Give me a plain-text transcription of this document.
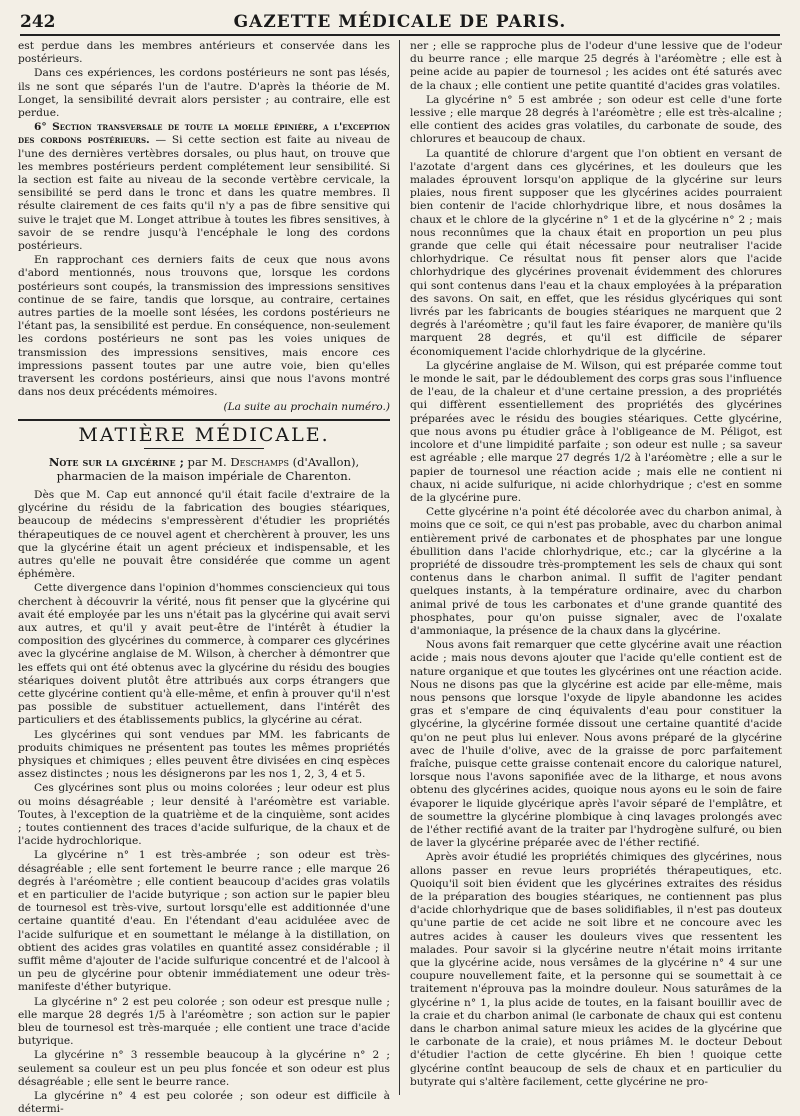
242	GAZETTE MÉDICALE DE PARIS.

est perdue dans les membres antérieurs et conservée dans les postérieurs.

Dans ces expériences, les cordons postérieurs ne sont pas lésés, ils ne sont que séparés l'un de l'autre. D'après la théorie de M. Longet, la sensibilité devrait alors persister ; au contraire, elle est perdue.

6° Section transversale de toute la moelle épinière, a l'exception des cordons postérieurs. — Si cette section est faite au niveau de l'une des dernières vertèbres dorsales, ou plus haut, on trouve que les membres postérieurs perdent complétement leur sensibilité. Si la section est faite au niveau de la seconde vertèbre cervicale, la sensibilité se perd dans le tronc et dans les quatre membres. Il résulte clairement de ces faits qu'il n'y a pas de fibre sensitive qui suive le trajet que M. Longet attribue à toutes les fibres sensitives, à savoir de se rendre jusqu'à l'encéphale le long des cordons postérieurs.

En rapprochant ces derniers faits de ceux que nous avons d'abord mentionnés, nous trouvons que, lorsque les cordons postérieurs sont coupés, la transmission des impressions sensitives continue de se faire, tandis que lorsque, au contraire, certaines autres parties de la moelle sont lésées, les cordons postérieurs ne l'étant pas, la sensibilité est perdue. En conséquence, non-seulement les cordons postérieurs ne sont pas les voies uniques de transmission des impressions sensitives, mais encore ces impressions passent toutes par une autre voie, bien qu'elles traversent les cordons postérieurs, ainsi que nous l'avons montré dans nos deux précédents mémoires.

(La suite au prochain numéro.)
MATIÈRE MÉDICALE.
Note sur la glycérine ; par M. Deschamps (d'Avallon), pharmacien de la maison impériale de Charenton.

Dès que M. Cap eut annoncé qu'il était facile d'extraire de la glycérine du résidu de la fabrication des bougies stéariques, beaucoup de médecins s'empressèrent d'étudier les propriétés thérapeutiques de ce nouvel agent et cherchèrent à prouver, les uns que la glycérine était un agent précieux et indispensable, et les autres qu'elle ne pouvait être considérée que comme un agent éphémère.

Cette divergence dans l'opinion d'hommes consciencieux qui tous cherchent à découvrir la vérité, nous fit penser que la glycérine qui avait été employée par les uns n'était pas la glycérine qui avait servi aux autres, et qu'il y avait peut-être de l'intérêt à étudier la composition des glycérines du commerce, à comparer ces glycérines avec la glycérine anglaise de M. Wilson, à chercher à démontrer que les effets qui ont été obtenus avec la glycérine du résidu des bougies stéariques doivent plutôt être attribués aux corps étrangers que cette glycérine contient qu'à elle-même, et enfin à prouver qu'il n'est pas possible de substituer actuellement, dans l'intérêt des particuliers et des établissements publics, la glycérine au cérat.

Les glycérines qui sont vendues par MM. les fabricants de produits chimiques ne présentent pas toutes les mêmes propriétés physiques et chimiques ; elles peuvent être divisées en cinq espèces assez distinctes ; nous les désignerons par les nos 1, 2, 3, 4 et 5.

Ces glycérines sont plus ou moins colorées ; leur odeur est plus ou moins désagréable ; leur densité à l'aréomètre est variable. Toutes, à l'exception de la quatrième et de la cinquième, sont acides ; toutes contiennent des traces d'acide sulfurique, de la chaux et de l'acide hydrochlorique.

La glycérine n° 1 est très-ambrée ; son odeur est très-désagréable ; elle sent fortement le beurre rance ; elle marque 26 degrés à l'aréomètre ; elle contient beaucoup d'acides gras volatils et en particulier de l'acide butyrique ; son action sur le papier bleu de tournesol est très-vive, surtout lorsqu'elle est additionnée d'une certaine quantité d'eau. En l'étendant d'eau aciduléee avec de l'acide sulfurique et en soumettant le mélange à la distillation, on obtient des acides gras volatiles en quantité assez considérable ; il suffit même d'ajouter de l'acide sulfurique concentré et de l'alcool à un peu de glycérine pour obtenir immédiatement une odeur très-manifeste d'éther butyrique.

La glycérine n° 2 est peu colorée ; son odeur est presque nulle ; elle marque 28 degrés 1/5 à l'aréomètre ; son action sur le papier bleu de tournesol est très-marquée ; elle contient une trace d'acide butyrique.

La glycérine n° 3 ressemble beaucoup à la glycérine n° 2 ; seulement sa couleur est un peu plus foncée et son odeur est plus désagréable ; elle sent le beurre rance.

La glycérine n° 4 est peu colorée ; son odeur est difficile à détermi-

ner ; elle se rapproche plus de l'odeur d'une lessive que de l'odeur du beurre rance ; elle marque 25 degrés à l'aréomètre ; elle est à peine acide au papier de tournesol ; les acides ont été saturés avec de la chaux ; elle contient une petite quantité d'acides gras volatiles.

La glycérine n° 5 est ambrée ; son odeur est celle d'une forte lessive ; elle marque 28 degrés à l'aréomètre ; elle est très-alcaline ; elle contient des acides gras volatiles, du carbonate de soude, des chlorures et beaucoup de chaux.

La quantité de chlorure d'argent que l'on obtient en versant de l'azotate d'argent dans ces glycérines, et les douleurs que les malades éprouvent lorsqu'on applique de la glycérine sur leurs plaies, nous firent supposer que les glycérines acides pourraient bien contenir de l'acide chlorhydrique libre, et nous dosâmes la chaux et le chlore de la glycérine n° 1 et de la glycérine n° 2 ; mais nous reconnûmes que la chaux était en proportion un peu plus grande que celle qui était nécessaire pour neutraliser l'acide chlorhydrique. Ce résultat nous fit penser alors que l'acide chlorhydrique des glycérines provenait évidemment des chlorures qui sont contenus dans l'eau et la chaux employées à la préparation des savons. On sait, en effet, que les résidus glycériques qui sont livrés par les fabricants de bougies stéariques ne marquent que 2 degrés à l'aréomètre ; qu'il faut les faire évaporer, de manière qu'ils marquent 28 degrés, et qu'il est difficile de séparer économiquement l'acide chlorhydrique de la glycérine.

La glycérine anglaise de M. Wilson, qui est préparée comme tout le monde le sait, par le dédoublement des corps gras sous l'influence de l'eau, de la chaleur et d'une certaine pression, a des propriétés qui diffèrent essentiellement des propriétés des glycérines préparées avec le résidu des bougies stéariques. Cette glycérine, que nous avons pu étudier grâce à l'obligeance de M. Péligot, est incolore et d'une limpidité parfaite ; son odeur est nulle ; sa saveur est agréable ; elle marque 27 degrés 1/2 à l'aréomètre ; elle a sur le papier de tournesol une réaction acide ; mais elle ne contient ni chaux, ni acide sulfurique, ni acide chlorhydrique ; c'est en somme de la glycérine pure.

Cette glycérine n'a point été décolorée avec du charbon animal, à moins que ce soit, ce qui n'est pas probable, avec du charbon animal entièrement privé de carbonates et de phosphates par une longue ébullition dans l'acide chlorhydrique, etc.; car la glycérine a la propriété de dissoudre très-promptement les sels de chaux qui sont contenus dans le charbon animal. Il suffit de l'agiter pendant quelques instants, à la température ordinaire, avec du charbon animal privé de tous les carbonates et d'une grande quantité des phosphates, pour qu'on puisse signaler, avec de l'oxalate d'ammoniaque, la présence de la chaux dans la glycérine.

Nous avons fait remarquer que cette glycérine avait une réaction acide ; mais nous devons ajouter que l'acide qu'elle contient est de nature organique et que toutes les glycérines ont une réaction acide. Nous ne disons pas que la glycérine est acide par elle-même, mais nous pensons que lorsque l'oxyde de lipyle abandonne les acides gras et s'empare de cinq équivalents d'eau pour constituer la glycérine, la glycérine formée dissout une certaine quantité d'acide qu'on ne peut plus lui enlever. Nous avons préparé de la glycérine avec de l'huile d'olive, avec de la graisse de porc parfaitement fraîche, puisque cette graisse contenait encore du calorique naturel, lorsque nous l'avons saponifiée avec de la litharge, et nous avons obtenu des glycérines acides, quoique nous ayons eu le soin de faire évaporer le liquide glycérique après l'avoir séparé de l'emplâtre, et de soumettre la glycérine plombique à cinq lavages prolongés avec de l'éther rectifié avant de la traiter par l'hydrogène sulfuré, ou bien de laver la glycérine préparée avec de l'éther rectifié.

Après avoir étudié les propriétés chimiques des glycérines, nous allons passer en revue leurs propriétés thérapeutiques, etc. Quoiqu'il soit bien évident que les glycérines extraites des résidus de la préparation des bougies stéariques, ne contiennent pas plus d'acide chlorhydrique que de bases solidifiables, il n'est pas douteux qu'une partie de cet acide ne soit libre et ne concoure avec les autres acides à causer les douleurs vives que ressentent les malades. Pour savoir si la glycérine neutre n'était moins irritante que la glycérine acide, nous versâmes de la glycérine n° 4 sur une coupure nouvellement faite, et la personne qui se soumettait à ce traitement n'éprouva pas la moindre douleur. Nous saturâmes de la glycérine n° 1, la plus acide de toutes, en la faisant bouillir avec de la craie et du charbon animal (le carbonate de chaux qui est contenu dans le charbon animal sature mieux les acides de la glycérine que le carbonate de la craie), et nous priâmes M. le docteur Debout d'étudier l'action de cette glycérine. Eh bien ! quoique cette glycérine contînt beaucoup de sels de chaux et en particulier du butyrate qui s'altère facilement, cette glycérine ne pro-
